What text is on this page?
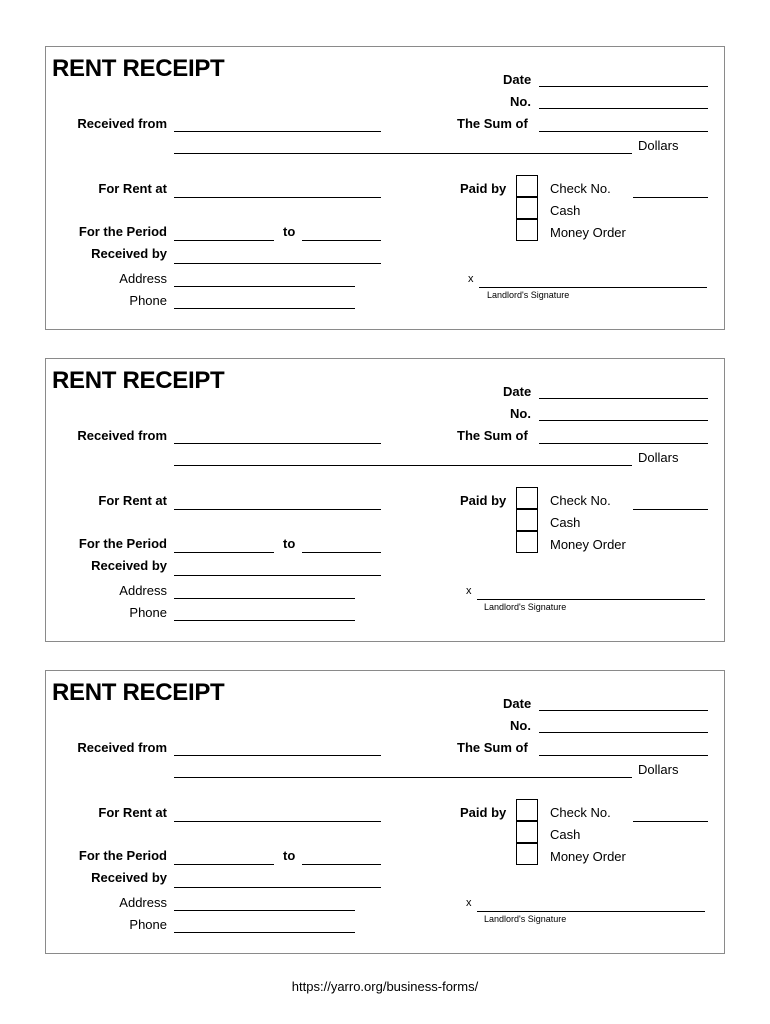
RENT RECEIPT	Date
No.
Received from	The Sum of
Dollars
For Rent at	Paid by	Check No.
Cash
Money Order
For the Period	to
Received by
Address
Phone
x
Landlord's Signature
RENT RECEIPT	Date
No.
Received from	The Sum of
Dollars
For Rent at	Paid by	Check No.
Cash
Money Order
For the Period	to
Received by
Address
Phone
x
Landlord's Signature
RENT RECEIPT	Date
No.
Received from	The Sum of
Dollars
For Rent at	Paid by	Check No.
Cash
Money Order
For the Period	to
Received by
Address
Phone
x
Landlord's Signature
https://yarro.org/business-forms/
